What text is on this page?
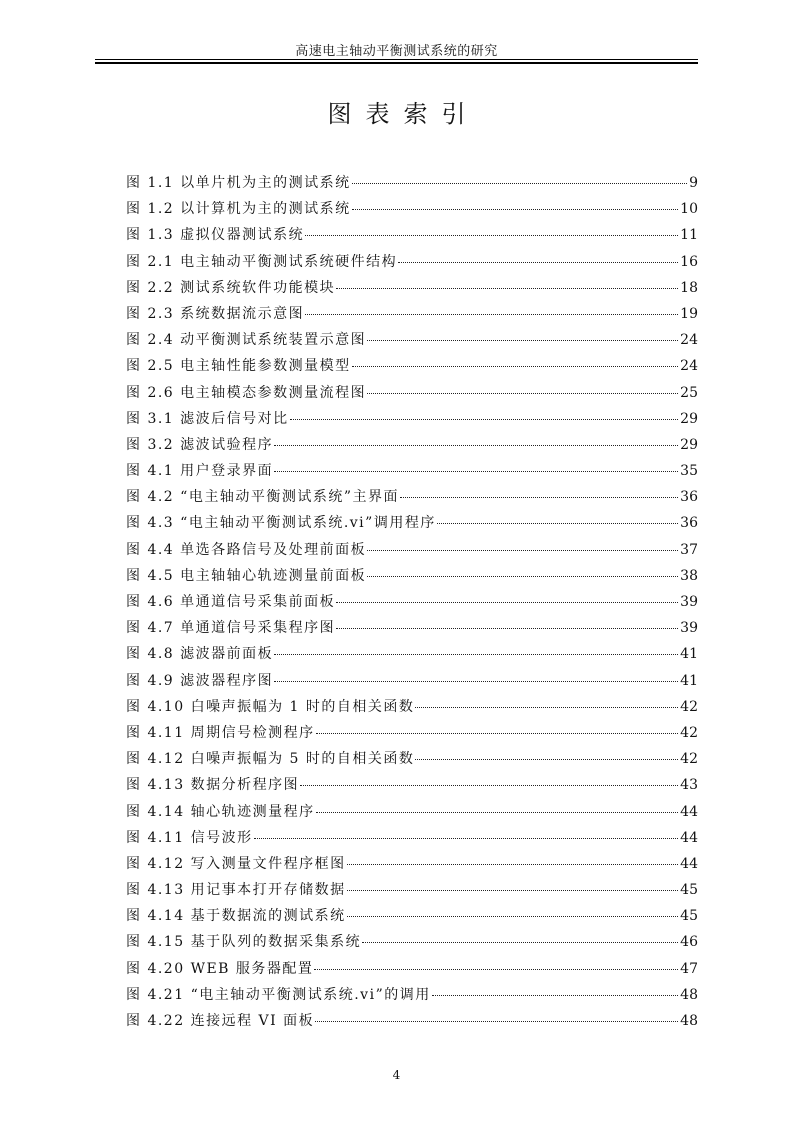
高速电主轴动平衡测试系统的研究
图表索引
图 1.1 以单片机为主的测试系统	9
图 1.2 以计算机为主的测试系统	10
图 1.3 虚拟仪器测试系统	11
图 2.1 电主轴动平衡测试系统硬件结构	16
图 2.2 测试系统软件功能模块	18
图 2.3 系统数据流示意图	19
图 2.4 动平衡测试系统装置示意图	24
图 2.5 电主轴性能参数测量模型	24
图 2.6 电主轴模态参数测量流程图	25
图 3.1 滤波后信号对比	29
图 3.2 滤波试验程序	29
图 4.1 用户登录界面	35
图 4.2 “电主轴动平衡测试系统”主界面	36
图 4.3 “电主轴动平衡测试系统.vi”调用程序	36
图 4.4 单选各路信号及处理前面板	37
图 4.5 电主轴轴心轨迹测量前面板	38
图 4.6 单通道信号采集前面板	39
图 4.7 单通道信号采集程序图	39
图 4.8 滤波器前面板	41
图 4.9 滤波器程序图	41
图 4.10 白噪声振幅为 1 时的自相关函数	42
图 4.11 周期信号检测程序	42
图 4.12 白噪声振幅为 5 时的自相关函数	42
图 4.13 数据分析程序图	43
图 4.14 轴心轨迹测量程序	44
图 4.11 信号波形	44
图 4.12 写入测量文件程序框图	44
图 4.13 用记事本打开存储数据	45
图 4.14 基于数据流的测试系统	45
图 4.15 基于队列的数据采集系统	46
图 4.20 WEB 服务器配置	47
图 4.21 “电主轴动平衡测试系统.vi”的调用	48
图 4.22 连接远程 VI 面板	48
4
